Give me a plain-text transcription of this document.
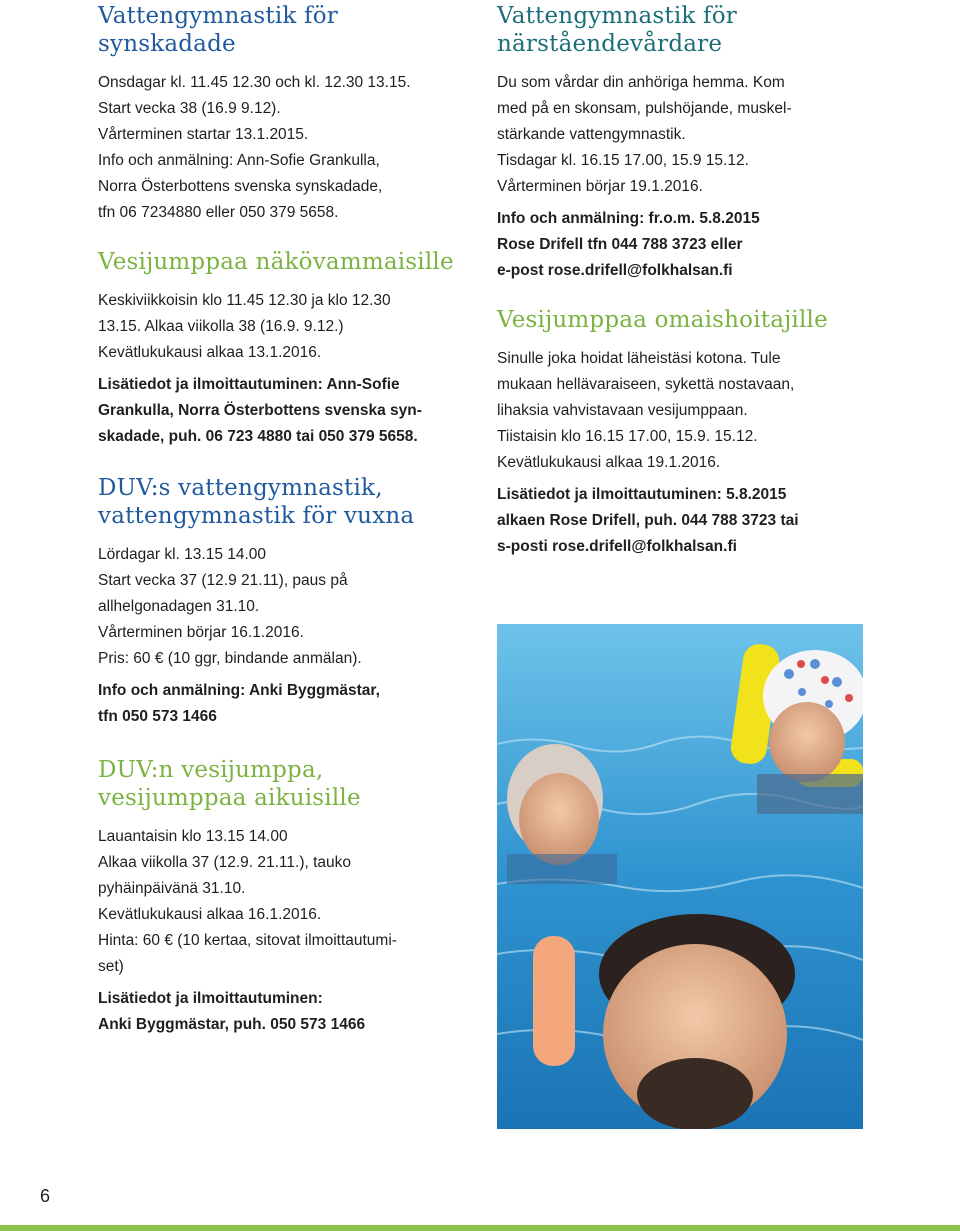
Vattengymnastik för
synskadade

Onsdagar kl. 11.45 12.30 och kl. 12.30 13.15.

Start vecka 38 (16.9 9.12).

Vårterminen startar 13.1.2015.

Info och anmälning: Ann-Sofie Grankulla,

Norra Österbottens svenska synskadade,

tfn 06 7234880 eller 050 379 5658.

Vesijumppaa näkövammaisille

Keskiviikkoisin klo 11.45 12.30 ja klo 12.30

13.15. Alkaa viikolla 38 (16.9. 9.12.)

Kevätlukukausi alkaa 13.1.2016.

Lisätiedot ja ilmoittautuminen: Ann-Sofie

Grankulla, Norra Österbottens svenska syn-

skadade, puh. 06 723 4880 tai 050 379 5658.

DUV:s vattengymnastik,
vattengymnastik för vuxna

Lördagar kl. 13.15 14.00

Start vecka 37 (12.9 21.11), paus på

allhelgonadagen 31.10.

Vårterminen börjar 16.1.2016.

Pris: 60 € (10 ggr, bindande anmälan).

Info och anmälning: Anki Byggmästar,

tfn 050 573 1466

DUV:n vesijumppa,
vesijumppaa aikuisille

Lauantaisin klo 13.15 14.00

Alkaa viikolla 37 (12.9. 21.11.), tauko

pyhäinpäivänä 31.10.

Kevätlukukausi alkaa 16.1.2016.

Hinta: 60 € (10 kertaa, sitovat ilmoittautumi-

set)

Lisätiedot ja ilmoittautuminen:

Anki Byggmästar, puh. 050 573 1466

Vattengymnastik för
närståendevårdare

Du som vårdar din anhöriga hemma. Kom

med på en skonsam, pulshöjande, muskel-

stärkande vattengymnastik.

Tisdagar kl. 16.15 17.00, 15.9 15.12.

Vårterminen börjar 19.1.2016.

Info och anmälning: fr.o.m. 5.8.2015

Rose Drifell tfn 044 788 3723 eller

e-post rose.drifell@folkhalsan.fi

Vesijumppaa omaishoitajille

Sinulle joka hoidat läheistäsi kotona. Tule

mukaan hellävaraiseen, sykettä nostavaan,

lihaksia vahvistavaan vesijumppaan.

Tiistaisin klo 16.15 17.00, 15.9. 15.12.

Kevätlukukausi alkaa 19.1.2016.

Lisätiedot ja ilmoittautuminen: 5.8.2015

alkaen Rose Drifell, puh. 044 788 3723 tai

s-posti rose.drifell@folkhalsan.fi

6
